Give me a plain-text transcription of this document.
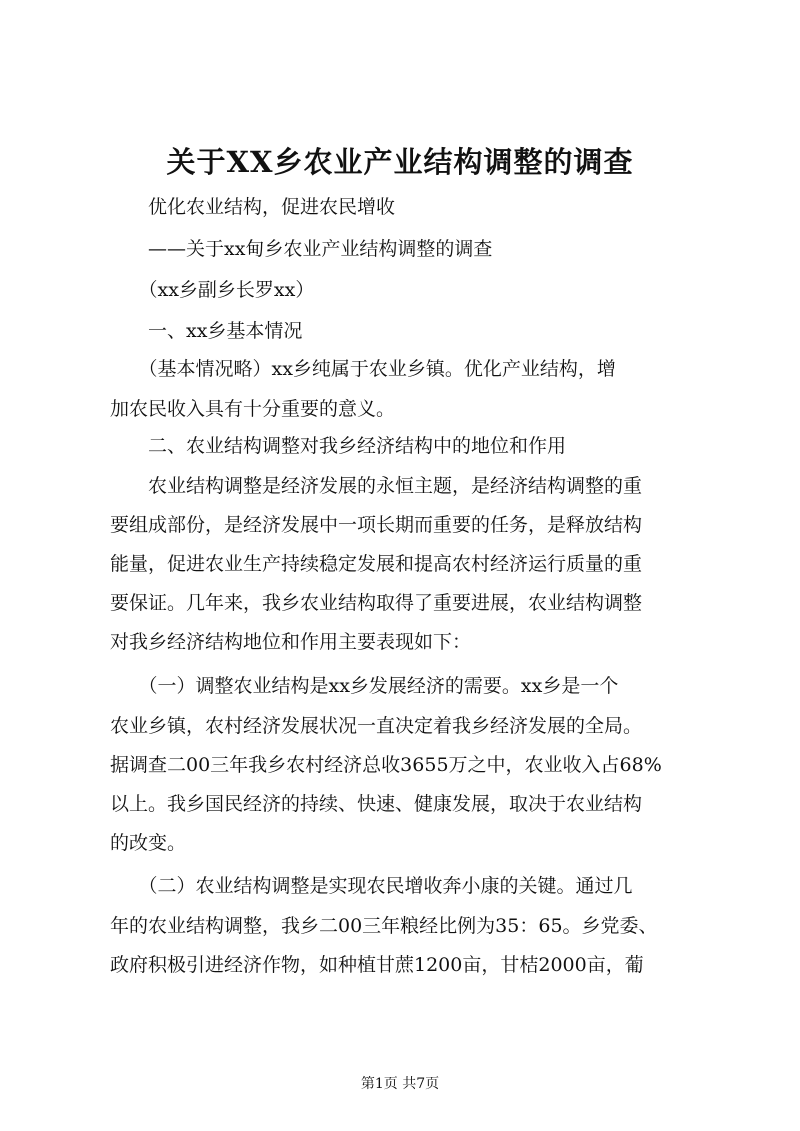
关于XX乡农业产业结构调整的调查
　　优化农业结构，促进农民增收
　　——关于xx甸乡农业产业结构调整的调查
　　（xx乡副乡长罗xx）
　　一、xx乡基本情况
　　（基本情况略）xx乡纯属于农业乡镇。优化产业结构，增
加农民收入具有十分重要的意义。
　　二、农业结构调整对我乡经济结构中的地位和作用
　　农业结构调整是经济发展的永恒主题，是经济结构调整的重
要组成部份，是经济发展中一项长期而重要的任务，是释放结构
能量，促进农业生产持续稳定发展和提高农村经济运行质量的重
要保证。几年来，我乡农业结构取得了重要进展，农业结构调整
对我乡经济结构地位和作用主要表现如下：
　　（一）调整农业结构是xx乡发展经济的需要。xx乡是一个
农业乡镇，农村经济发展状况一直决定着我乡经济发展的全局。
据调查二00三年我乡农村经济总收3655万之中，农业收入占68%
以上。我乡国民经济的持续、快速、健康发展，取决于农业结构
的改变。
　　（二）农业结构调整是实现农民增收奔小康的关键。通过几
年的农业结构调整，我乡二00三年粮经比例为35：65。乡党委、
政府积极引进经济作物，如种植甘蔗1200亩，甘桔2000亩，葡
第1页 共7页
